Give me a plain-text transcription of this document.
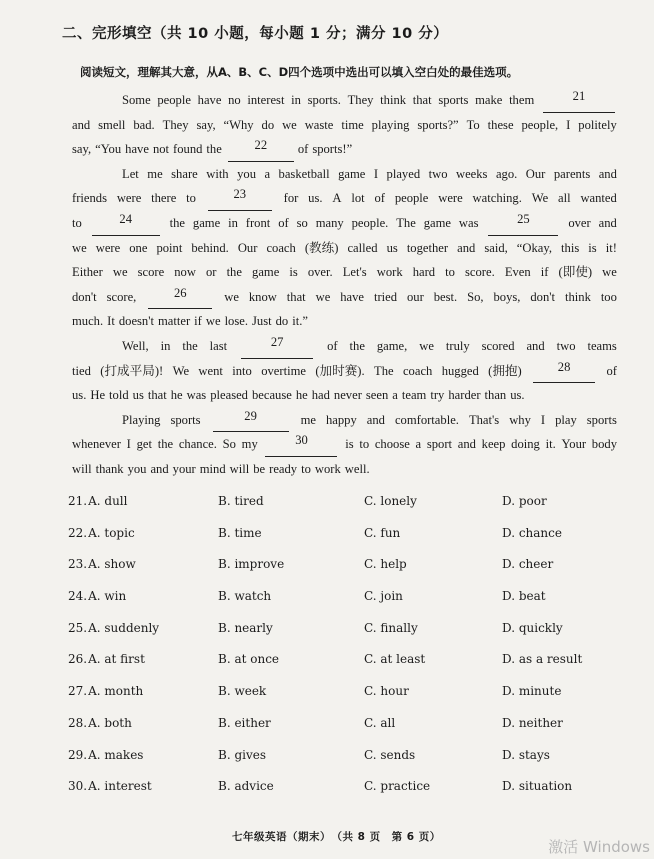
二、完形填空（共 10 小题，每小题 1 分；满分 10 分）
阅读短文，理解其大意，从A、B、C、D四个选项中选出可以填入空白处的最佳选项。
Some people have no interest in sports. They think that sports make them	21
and smell bad. They say, “Why do we waste time playing sports?” To these people, I politely
say, “You have not found the	22	of sports!”
Let me share with you a basketball game I played two weeks ago. Our parents and
friends were there to	23	for us. A lot of people were watching. We all wanted
to	24	the game in front of so many people. The game was	25	over and
we were one point behind. Our coach (教练) called us together and said, “Okay, this is it!
Either we score now or the game is over. Let's work hard to score. Even if (即使) we
don't score,	26	we know that we have tried our best. So, boys, don't think too
much. It doesn't matter if we lose. Just do it.”
Well, in the last	27	of the game, we truly scored and two teams
tied (打成平局)! We went into overtime (加时赛). The coach hugged (拥抱)	28	of
us. He told us that he was pleased because he had never seen a team try harder than us.
Playing sports	29	me happy and comfortable. That's why I play sports
whenever I get the chance. So my	30	is to choose a sport and keep doing it. Your body
will thank you and your mind will be ready to work well.
21.A. dull	B. tired	C. lonely	D. poor
22.A. topic	B. time	C. fun	D. chance
23.A. show	B. improve	C. help	D. cheer
24.A. win	B. watch	C. join	D. beat
25.A. suddenly	B. nearly	C. finally	D. quickly
26.A. at first	B. at once	C. at least	D. as a result
27.A. month	B. week	C. hour	D. minute
28.A. both	B. either	C. all	D. neither
29.A. makes	B. gives	C. sends	D. stays
30.A. interest	B. advice	C. practice	D. situation
七年级英语（期末）　（共 8 页　第 6 页）
激活 Windows
